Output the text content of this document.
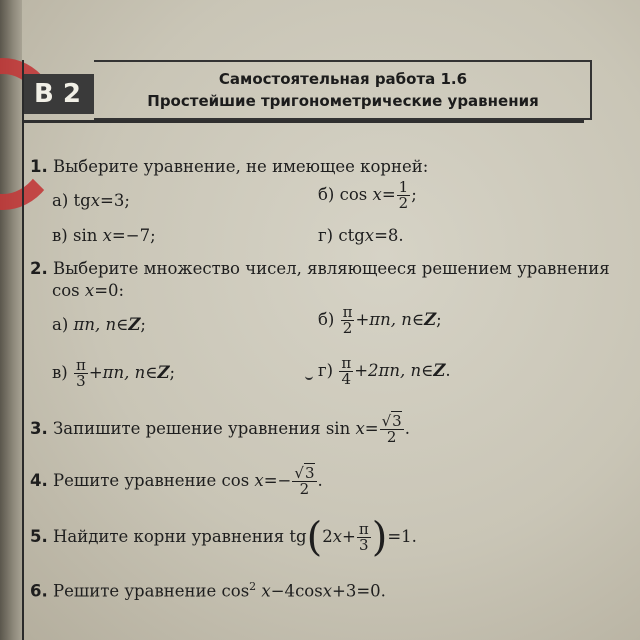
В 2	Самостоятельная работа 1.6
Простейшие тригонометрические уравнения
1. Выберите уравнение, не имеющее корней:
а) tgx=3;	б) $\cos x= \frac{1}{2}$ ;
в) sin x=−7;	г) ctgx=8.
2. Выберите множество чисел, являющееся решением уравнения
cos x=0:
а) πn, n∈Z;	$б) \frac{\pi}{2} +\pi n$, n∈Z;
$в) \frac{\pi}{3} +\pi n$, n∈Z;	$г) \frac{\pi}{4} +2\pi n$, n∈Z.
3. Запишите решение уравнения $\sin x= \frac{√3}{2}$ .
4. Решите уравнение $\cos x=- \frac{√3}{2}$ .
5. Найдите корни уравнения $tg(2x+ \frac{\pi}{3} )=1$.
6. Решите уравнение $\cos^2 x-4\cos x+3=0$.
